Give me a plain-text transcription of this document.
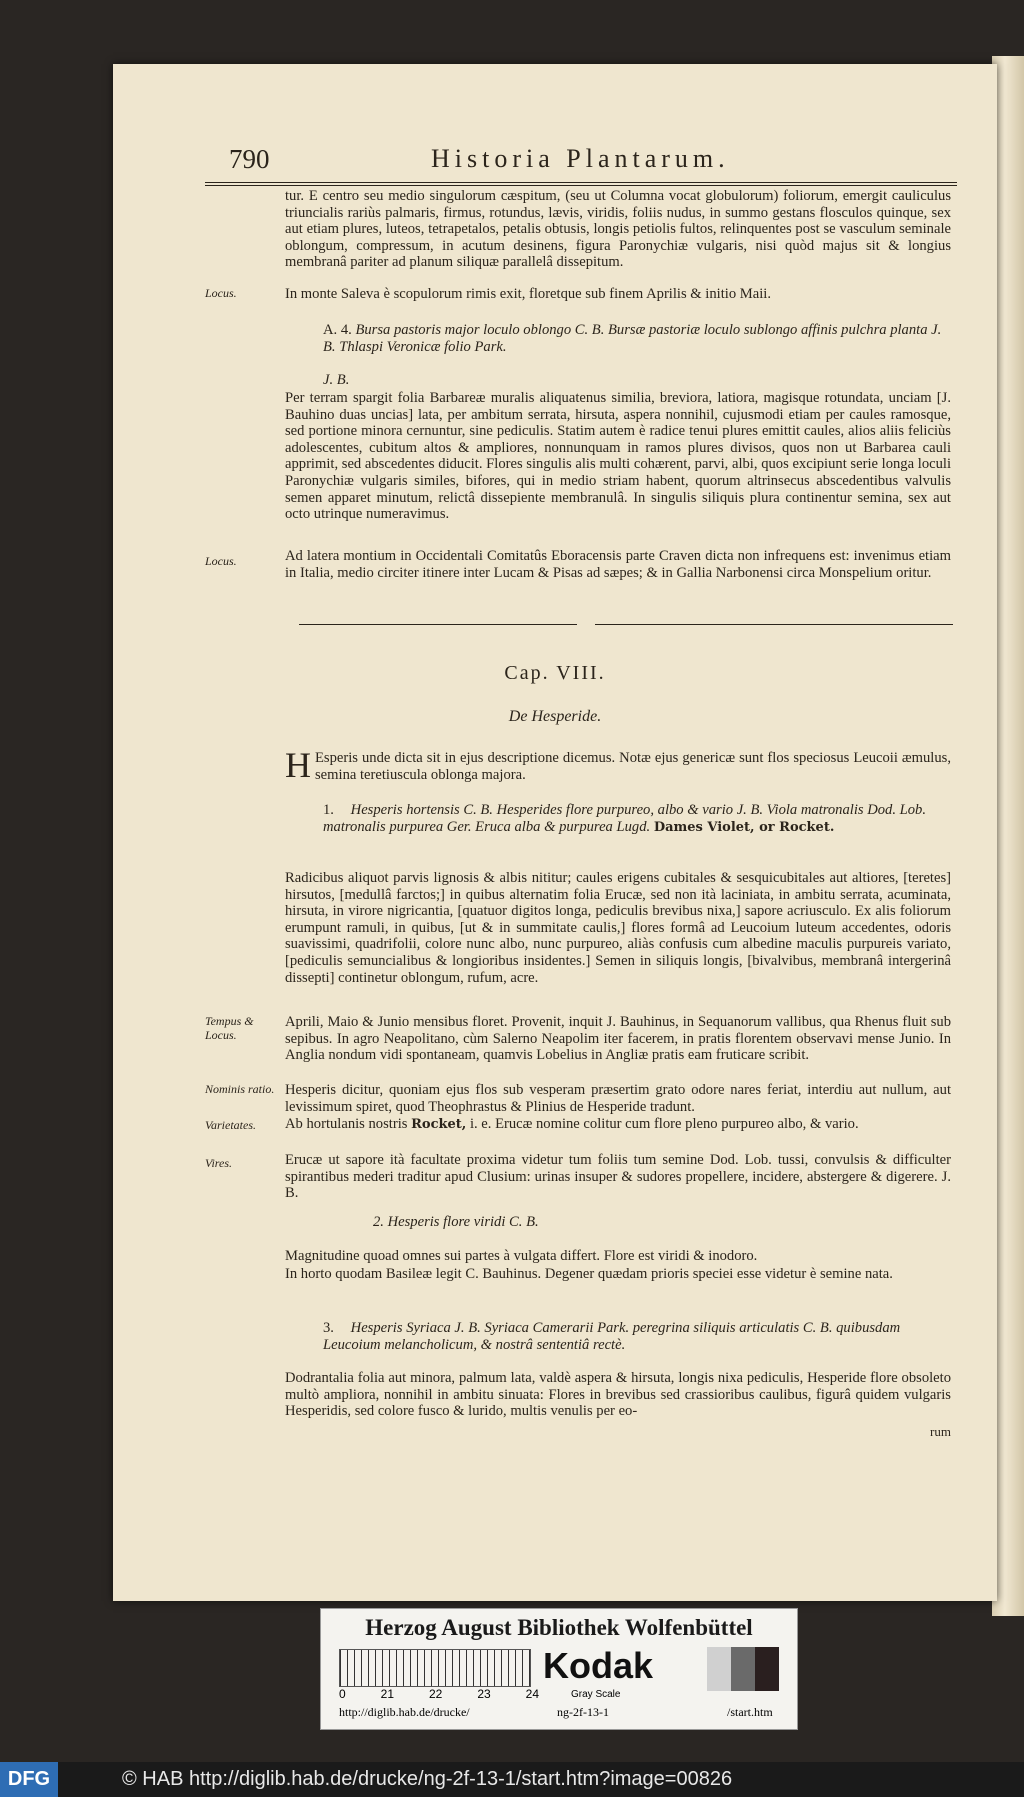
790	Historia Plantarum.
tur. E centro seu medio singulorum cæspitum, (seu ut Columna vocat globulorum) foliorum, emergit cauliculus triuncialis rariùs palmaris, firmus, rotundus, lævis, viridis, foliis nudus, in summo gestans flosculos quinque, sex aut etiam plures, luteos, tetrapetalos, petalis obtusis, longis petiolis fultos, relinquentes post se vasculum seminale oblongum, compressum, in acutum desinens, figura Paronychiæ vulgaris, nisi quòd majus sit & longius membranâ pariter ad planum siliquæ parallelâ dissepitum.
Locus.	In monte Saleva è scopulorum rimis exit, floretque sub finem Aprilis & initio Maii.
A. 4. Bursa pastoris major loculo oblongo C. B. Bursæ pastoriæ loculo sublongo affinis pulchra planta J. B. Thlaspi Veronicæ folio Park.
J. B.
Per terram spargit folia Barbareæ muralis aliquatenus similia, breviora, latiora, magisque rotundata, unciam [J. Bauhino duas uncias] lata, per ambitum serrata, hirsuta, aspera nonnihil, cujusmodi etiam per caules ramosque, sed portione minora cernuntur, sine pediculis. Statim autem è radice tenui plures emittit caules, alios aliis feliciùs adolescentes, cubitum altos & ampliores, nonnunquam in ramos plures divisos, quos non ut Barbarea cauli apprimit, sed abscedentes diducit. Flores singulis alis multi cohærent, parvi, albi, quos excipiunt serie longa loculi Paronychiæ vulgaris similes, bifores, qui in medio striam habent, quorum altrinsecus abscedentibus valvulis semen apparet minutum, relictâ dissepiente membranulâ. In singulis siliquis plura continentur semina, sex aut octo utrinque numeravimus.
Locus.	Ad latera montium in Occidentali Comitatûs Eboracensis parte Craven dicta non infrequens est: invenimus etiam in Italia, medio circiter itinere inter Lucam & Pisas ad sæpes; & in Gallia Narbonensi circa Monspelium oritur.
Cap. VIII.
De Hesperide.
H Esperis unde dicta sit in ejus descriptione dicemus. Notæ ejus genericæ sunt flos speciosus Leucoii æmulus, semina teretiuscula oblonga majora.
1. Hesperis hortensis C. B. Hesperides flore purpureo, albo & vario J. B. Viola matronalis Dod. Lob. matronalis purpurea Ger. Eruca alba & purpurea Lugd. Dames Violet, or Rocket.
Radicibus aliquot parvis lignosis & albis nititur; caules erigens cubitales & sesquicubitales aut altiores, [teretes] hirsutos, [medullâ farctos;] in quibus alternatim folia Erucæ, sed non ità laciniata, in ambitu serrata, acuminata, hirsuta, in virore nigricantia, [quatuor digitos longa, pediculis brevibus nixa,] sapore acriusculo. Ex alis foliorum erumpunt ramuli, in quibus, [ut & in summitate caulis,] flores formâ ad Leucoium luteum accedentes, odoris suavissimi, quadrifolii, colore nunc albo, nunc purpureo, aliàs confusis cum albedine maculis purpureis variato, [pediculis semuncialibus & longioribus insidentes.] Semen in siliquis longis, [bivalvibus, membranâ intergerinâ dissepti] continetur oblongum, rufum, acre.
Tempus & Locus.
Aprili, Maio & Junio mensibus floret. Provenit, inquit J. Bauhinus, in Sequanorum vallibus, qua Rhenus fluit sub sepibus. In agro Neapolitano, cùm Salerno Neapolim iter facerem, in pratis florentem observavi mense Junio. In Anglia nondum vidi spontaneam, quamvis Lobelius in Angliæ pratis eam fruticare scribit.
Nominis ratio. Hesperis dicitur, quoniam ejus flos sub vesperam præsertim grato odore nares feriat, interdiu aut nullum, aut levissimum spiret, quod Theophrastus & Plinius de Hesperide tradunt.
Varietates.	Ab hortulanis nostris Rocket, i. e. Erucæ nomine colitur cum flore pleno purpureo albo, & vario.
Vires.	Erucæ ut sapore ità facultate proxima videtur tum foliis tum semine Dod. Lob. tussi, convulsis & difficulter spirantibus mederi traditur apud Clusium: urinas insuper & sudores propellere, incidere, abstergere & digerere. J. B.
2. Hesperis flore viridi C. B.
Magnitudine quoad omnes sui partes à vulgata differt. Flore est viridi & inodoro.
In horto quodam Basileæ legit C. Bauhinus. Degener quædam prioris speciei esse videtur è semine nata.
3. Hesperis Syriaca J. B. Syriaca Camerarii Park. peregrina siliquis articulatis C. B. quibusdam Leucoium melancholicum, & nostrâ sententiâ rectè.
Dodrantalia folia aut minora, palmum lata, valdè aspera & hirsuta, longis nixa pediculis, Hesperide flore obsoleto multò ampliora, nonnihil in ambitu sinuata: Flores in brevibus sed crassioribus caulibus, figurâ quidem vulgaris Hesperidis, sed colore fusco & lurido, multis venulis per eo-
rum
Herzog August Bibliothek Wolfenbüttel
0	21	22	23	24
Kodak
Gray Scale
http://diglib.hab.de/drucke/	ng-2f-13-1	/start.htm
DFG	© HAB http://diglib.hab.de/drucke/ng-2f-13-1/start.htm?image=00826
